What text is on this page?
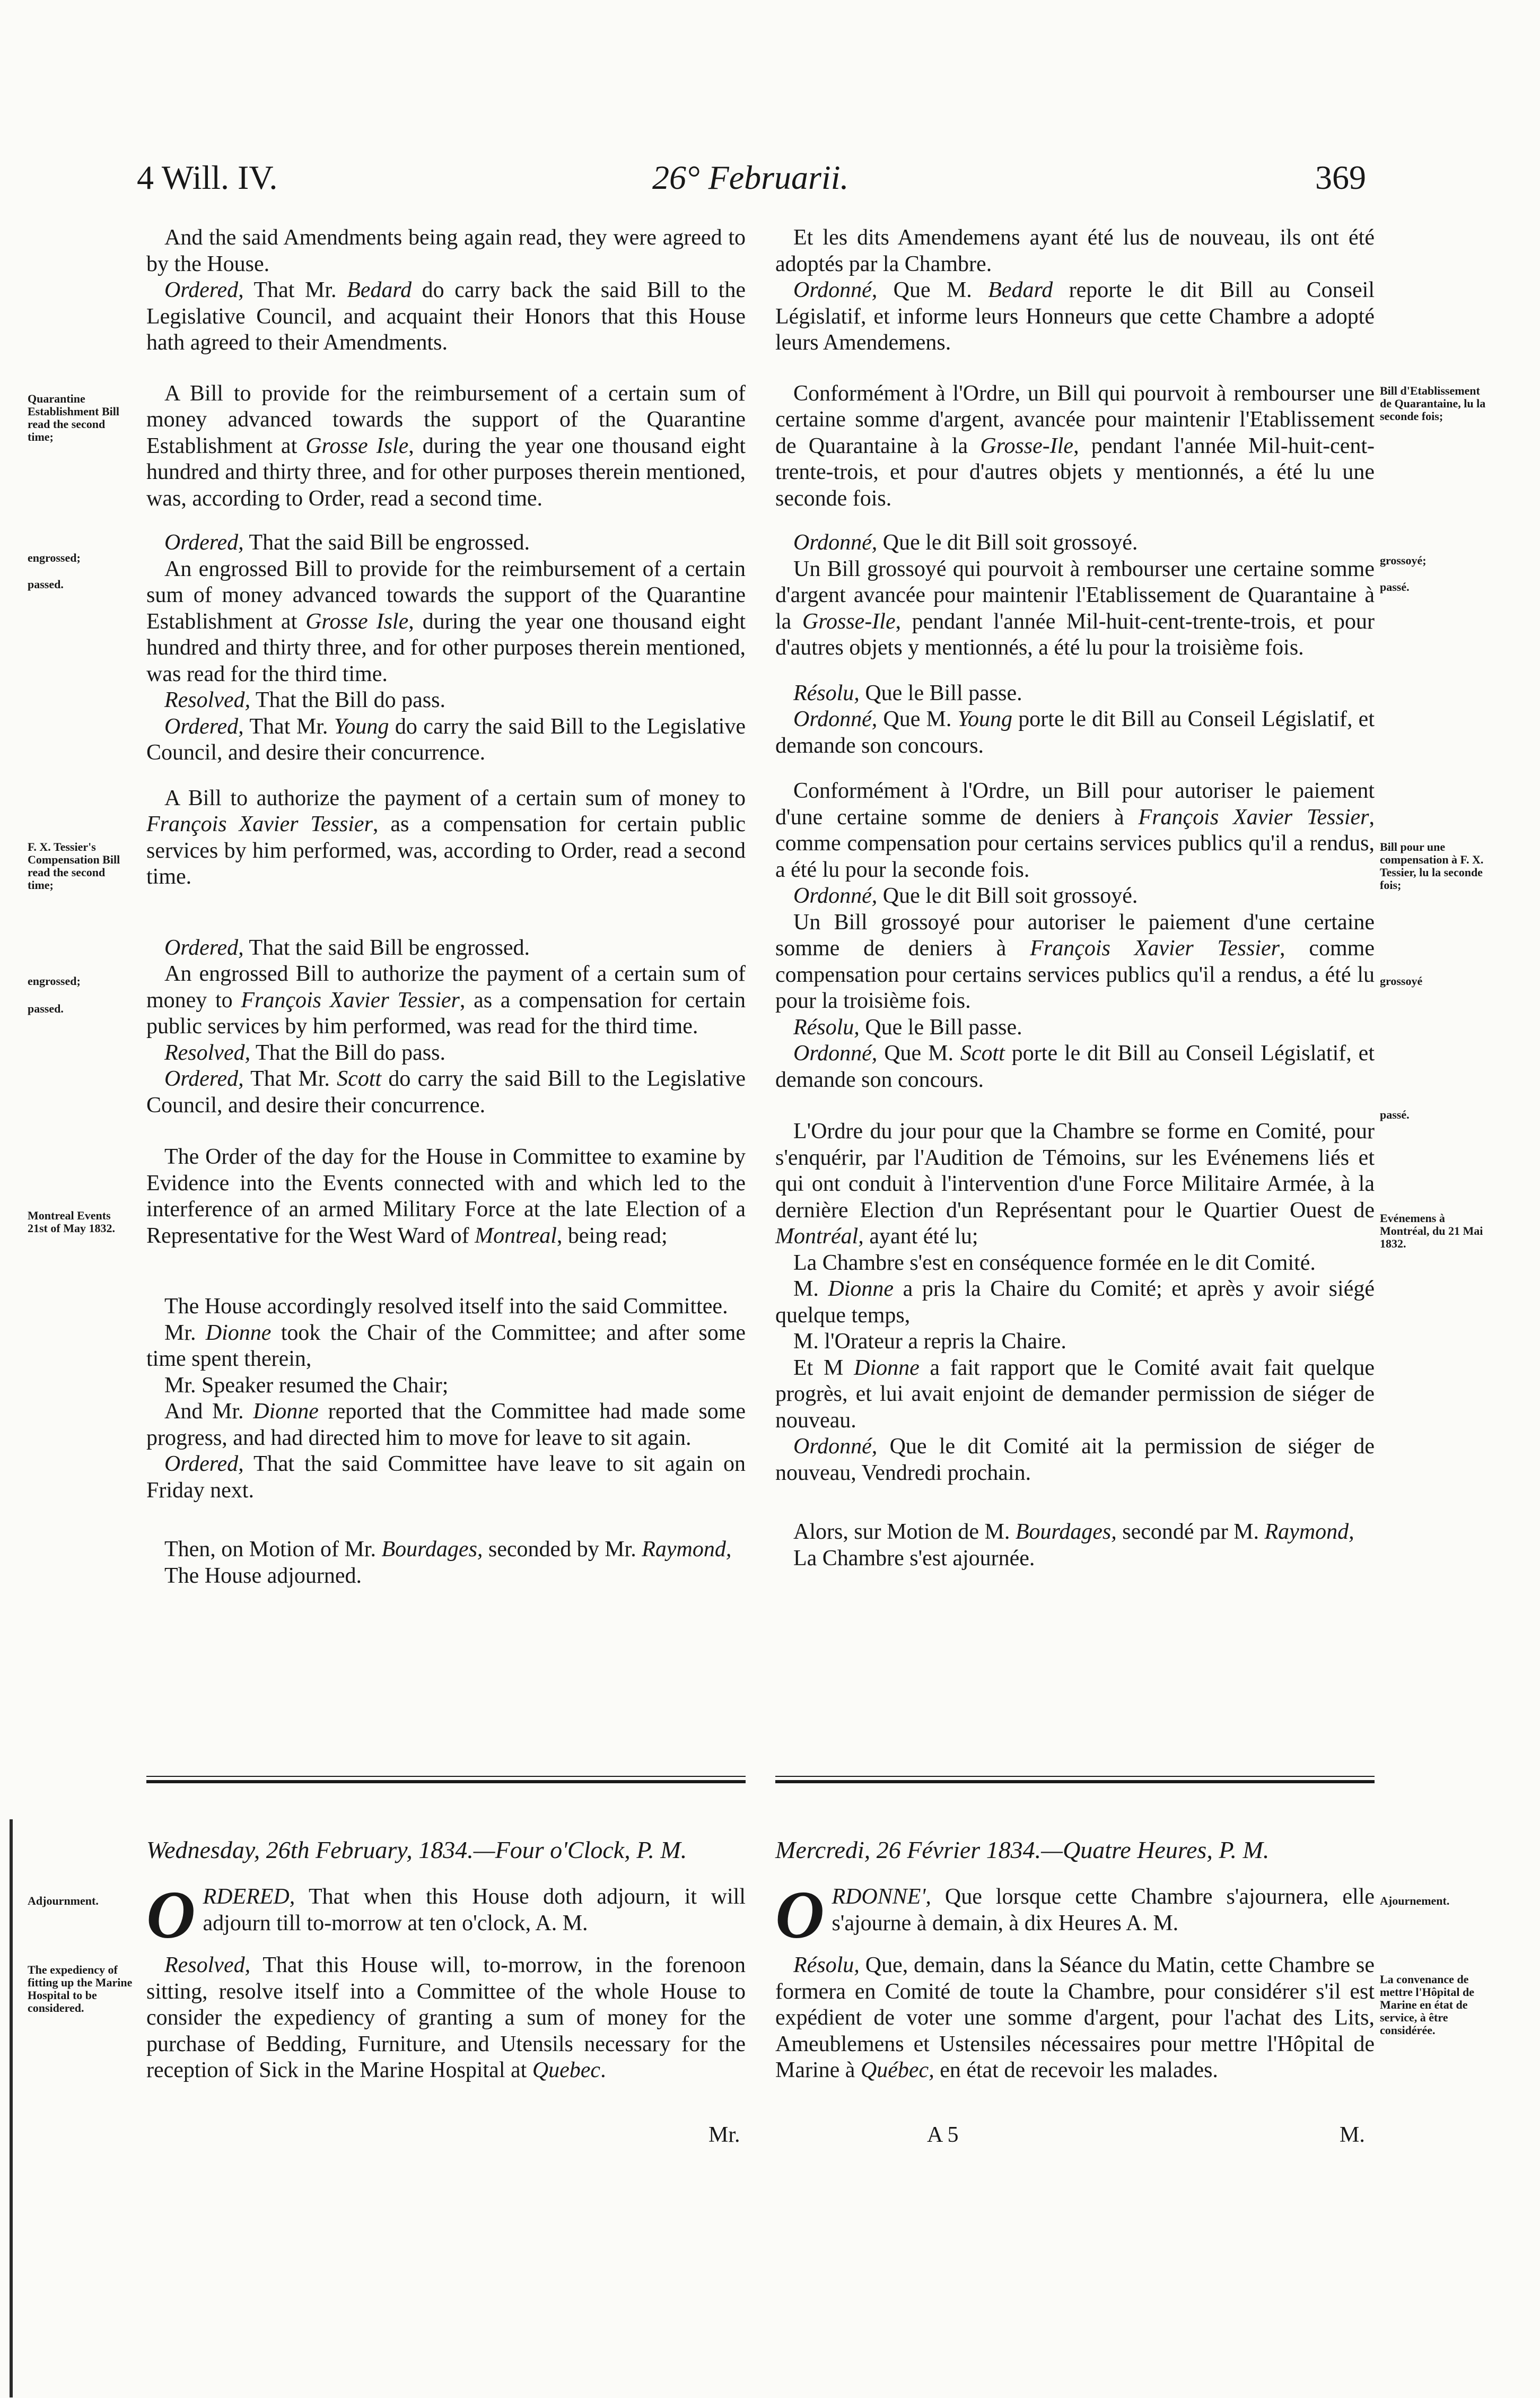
4 Will. IV.	26° Februarii.	369

And the said Amendments being again read, they were agreed to by the House.

Ordered, That Mr. Bedard do carry back the said Bill to the Legislative Council, and acquaint their Honors that this House hath agreed to their Amendments.

A Bill to provide for the reimbursement of a certain sum of money advanced towards the support of the Quarantine Establishment at Grosse Isle, during the year one thousand eight hundred and thirty three, and for other purposes therein mentioned, was, according to Order, read a second time.

Ordered, That the said Bill be engrossed.

An engrossed Bill to provide for the reimbursement of a certain sum of money advanced towards the support of the Quarantine Establishment at Grosse Isle, during the year one thousand eight hundred and thirty three, and for other purposes therein mentioned, was read for the third time.

Resolved, That the Bill do pass.

Ordered, That Mr. Young do carry the said Bill to the Legislative Council, and desire their concurrence.

A Bill to authorize the payment of a certain sum of money to François Xavier Tessier, as a compensation for certain public services by him performed, was, according to Order, read a second time.

Ordered, That the said Bill be engrossed.

An engrossed Bill to authorize the payment of a certain sum of money to François Xavier Tessier, as a compensation for certain public services by him performed, was read for the third time.

Resolved, That the Bill do pass.

Ordered, That Mr. Scott do carry the said Bill to the Legislative Council, and desire their concurrence.

The Order of the day for the House in Committee to examine by Evidence into the Events connected with and which led to the interference of an armed Military Force at the late Election of a Representative for the West Ward of Montreal, being read;

The House accordingly resolved itself into the said Committee.

Mr. Dionne took the Chair of the Committee; and after some time spent therein,

Mr. Speaker resumed the Chair;

And Mr. Dionne reported that the Committee had made some progress, and had directed him to move for leave to sit again.

Ordered, That the said Committee have leave to sit again on Friday next.

Then, on Motion of Mr. Bourdages, seconded by Mr. Raymond,

The House adjourned.

Et les dits Amendemens ayant été lus de nouveau, ils ont été adoptés par la Chambre.

Ordonné, Que M. Bedard reporte le dit Bill au Conseil Législatif, et informe leurs Honneurs que cette Chambre a adopté leurs Amendemens.

Conformément à l'Ordre, un Bill qui pourvoit à rembourser une certaine somme d'argent, avancée pour maintenir l'Etablissement de Quarantaine à la Grosse-Ile, pendant l'année Mil-huit-cent-trente-trois, et pour d'autres objets y mentionnés, a été lu une seconde fois.

Ordonné, Que le dit Bill soit grossoyé.

Un Bill grossoyé qui pourvoit à rembourser une certaine somme d'argent avancée pour maintenir l'Etablissement de Quarantaine à la Grosse-Ile, pendant l'année Mil-huit-cent-trente-trois, et pour d'autres objets y mentionnés, a été lu pour la troisième fois.

Résolu, Que le Bill passe.

Ordonné, Que M. Young porte le dit Bill au Conseil Législatif, et demande son concours.

Conformément à l'Ordre, un Bill pour autoriser le paiement d'une certaine somme de deniers à François Xavier Tessier, comme compensation pour certains services publics qu'il a rendus, a été lu pour la seconde fois.

Ordonné, Que le dit Bill soit grossoyé.

Un Bill grossoyé pour autoriser le paiement d'une certaine somme de deniers à François Xavier Tessier, comme compensation pour certains services publics qu'il a rendus, a été lu pour la troisième fois.

Résolu, Que le Bill passe.

Ordonné, Que M. Scott porte le dit Bill au Conseil Législatif, et demande son concours.

L'Ordre du jour pour que la Chambre se forme en Comité, pour s'enquérir, par l'Audition de Témoins, sur les Evénemens liés et qui ont conduit à l'intervention d'une Force Militaire Armée, à la dernière Election d'un Représentant pour le Quartier Ouest de Montréal, ayant été lu;

La Chambre s'est en conséquence formée en le dit Comité.

M. Dionne a pris la Chaire du Comité; et après y avoir siégé quelque temps,

M. l'Orateur a repris la Chaire.

Et M Dionne a fait rapport que le Comité avait fait quelque progrès, et lui avait enjoint de demander permission de siéger de nouveau.

Ordonné, Que le dit Comité ait la permission de siéger de nouveau, Vendredi prochain.

Alors, sur Motion de M. Bourdages, secondé par M. Raymond,

La Chambre s'est ajournée.

Quarantine Establishment Bill read the second time;
engrossed;
passed.
F. X. Tessier's Compensation Bill read the second time;
engrossed;
passed.
Montreal Events 21st of May 1832.
Bill d'Etablissement de Quarantaine, lu la seconde fois;
grossoyé;
passé.
Bill pour une compensation à F. X. Tessier, lu la seconde fois;
grossoyé
passé.
Evénemens à Montréal, du 21 Mai 1832.
Wednesday, 26th February, 1834.—Four o'Clock, P. M.	Mercredi, 26 Février 1834.—Quatre Heures, P. M.

ORDERED, That when this House doth adjourn, it will adjourn till to-morrow at ten o'clock, A. M.

Resolved, That this House will, to-morrow, in the forenoon sitting, resolve itself into a Committee of the whole House to consider the expediency of granting a sum of money for the purchase of Bedding, Furniture, and Utensils necessary for the reception of Sick in the Marine Hospital at Quebec.

ORDONNE', Que lorsque cette Chambre s'ajournera, elle s'ajourne à demain, à dix Heures A. M.

Résolu, Que, demain, dans la Séance du Matin, cette Chambre se formera en Comité de toute la Chambre, pour considérer s'il est expédient de voter une somme d'argent, pour l'achat des Lits, Ameublemens et Ustensiles nécessaires pour mettre l'Hôpital de Marine à Québec, en état de recevoir les malades.

Adjournment.
The expediency of fitting up the Marine Hospital to be considered.
Ajournement.
La convenance de mettre l'Hôpital de Marine en état de service, à être considérée.
Mr.	A 5	M.
